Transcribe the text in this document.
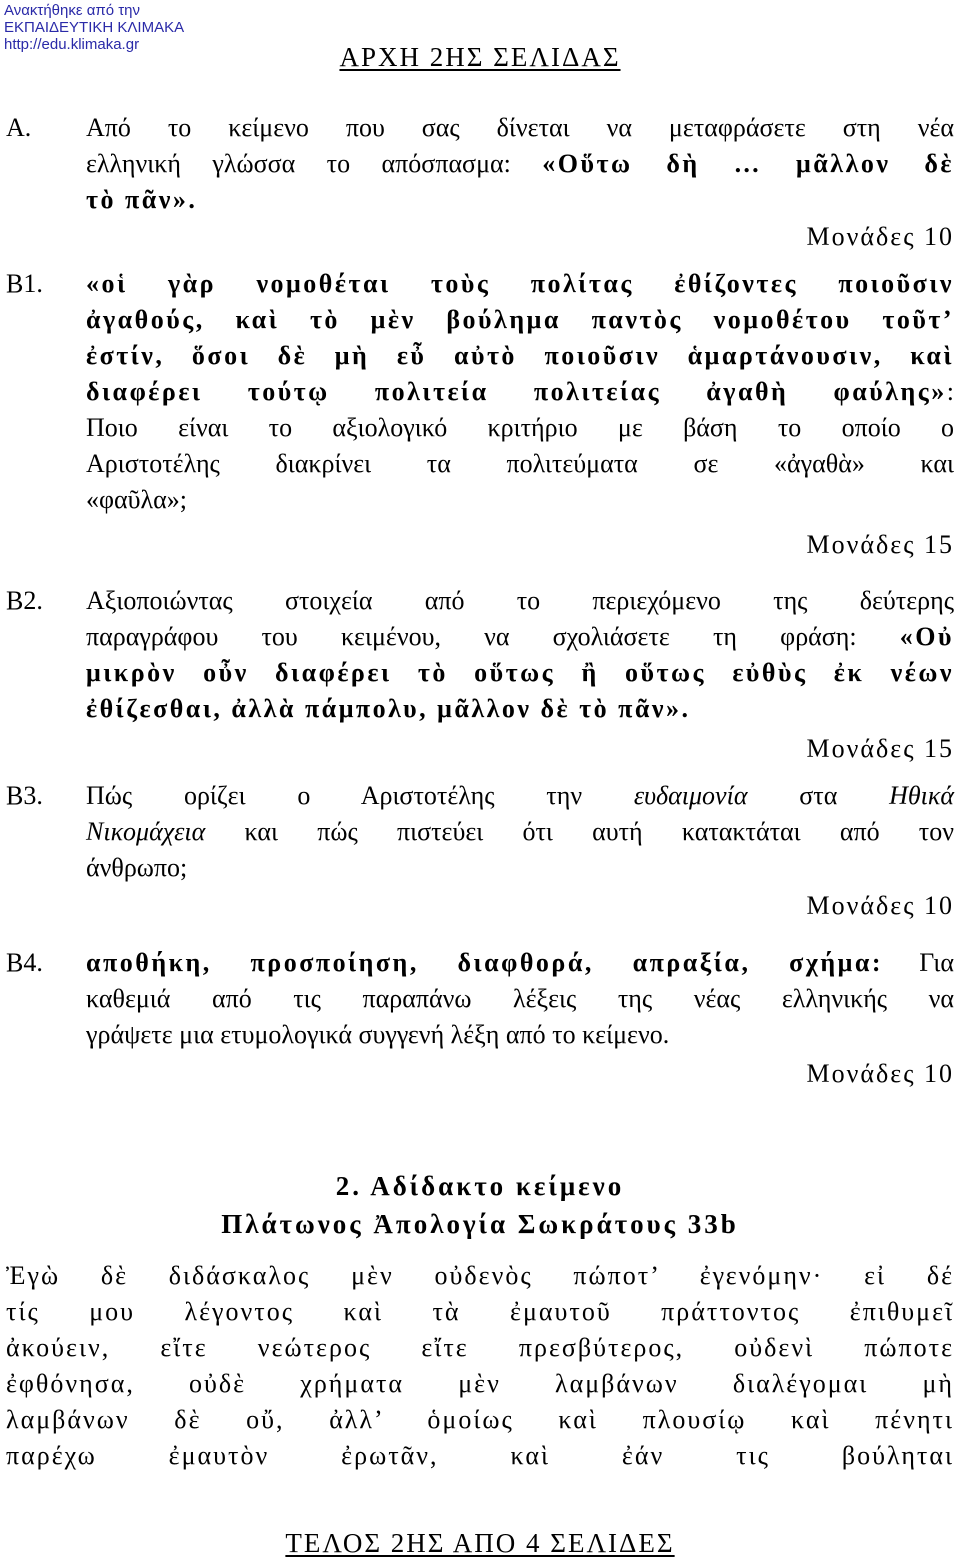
Ανακτήθηκε από την
ΕΚΠΑΙΔΕΥΤΙΚΗ ΚΛΙΜΑΚΑ
http://edu.klimaka.gr	ΑΡΧΗ 2ΗΣ ΣΕΛΙΔΑΣ
Α. Από το κείμενο που σας δίνεται να μεταφράσετε στη νέα
ελληνική γλώσσα το απόσπασμα: «Οὕτω δὴ … μᾶλλον δὲ
τὸ πᾶν».
Μονάδες 10
Β1. «οἱ γὰρ νομοθέται τοὺς πολίτας ἐθίζοντες ποιοῦσιν
ἀγαθούς, καὶ τὸ μὲν βούλημα παντὸς νομοθέτου τοῦτ’
ἐστίν, ὅσοι δὲ μὴ εὖ αὐτὸ ποιοῦσιν ἁμαρτάνουσιν, καὶ
διαφέρει τούτῳ πολιτεία πολιτείας ἀγαθὴ φαύλης»:
Ποιο είναι το αξιολογικό κριτήριο με βάση το οποίο ο
Αριστοτέλης διακρίνει τα πολιτεύματα σε «ἀγαθὰ» και
«φαῦλα»;
Μονάδες 15
Β2. Αξιοποιώντας στοιχεία από το περιεχόμενο της δεύτερης
παραγράφου του κειμένου, να σχολιάσετε τη φράση: «Οὐ
μικρὸν οὖν διαφέρει τὸ οὕτως ἢ οὕτως εὐθὺς ἐκ νέων
ἐθίζεσθαι, ἀλλὰ πάμπολυ, μᾶλλον δὲ τὸ πᾶν».
Μονάδες 15
Β3. Πώς ορίζει ο Αριστοτέλης την ευδαιμονία στα Ηθικά
Νικομάχεια και πώς πιστεύει ότι αυτή κατακτάται από τον
άνθρωπο;
Μονάδες 10
Β4. αποθήκη, προσποίηση, διαφθορά, απραξία, σχήμα: Για
καθεμιά από τις παραπάνω λέξεις της νέας ελληνικής να
γράψετε μια ετυμολογικά συγγενή λέξη από το κείμενο.
Μονάδες 10
2. Αδίδακτο κείμενο
Πλάτωνος Ἀπολογία Σωκράτους 33b
Ἐγὼ δὲ διδάσκαλος μὲν οὐδενὸς πώποτ’ ἐγενόμην· εἰ δέ
τίς μου λέγοντος καὶ τὰ ἐμαυτοῦ πράττοντος ἐπιθυμεῖ
ἀκούειν, εἴτε νεώτερος εἴτε πρεσβύτερος, οὐδενὶ πώποτε
ἐφθόνησα, οὐδὲ χρήματα μὲν λαμβάνων διαλέγομαι μὴ
λαμβάνων δὲ οὔ, ἀλλ’ ὁμοίως καὶ πλουσίῳ καὶ πένητι
παρέχω ἐμαυτὸν ἐρωτᾶν, καὶ ἐάν τις βούληται
ΤΕΛΟΣ 2ΗΣ ΑΠΟ 4 ΣΕΛΙΔΕΣ
